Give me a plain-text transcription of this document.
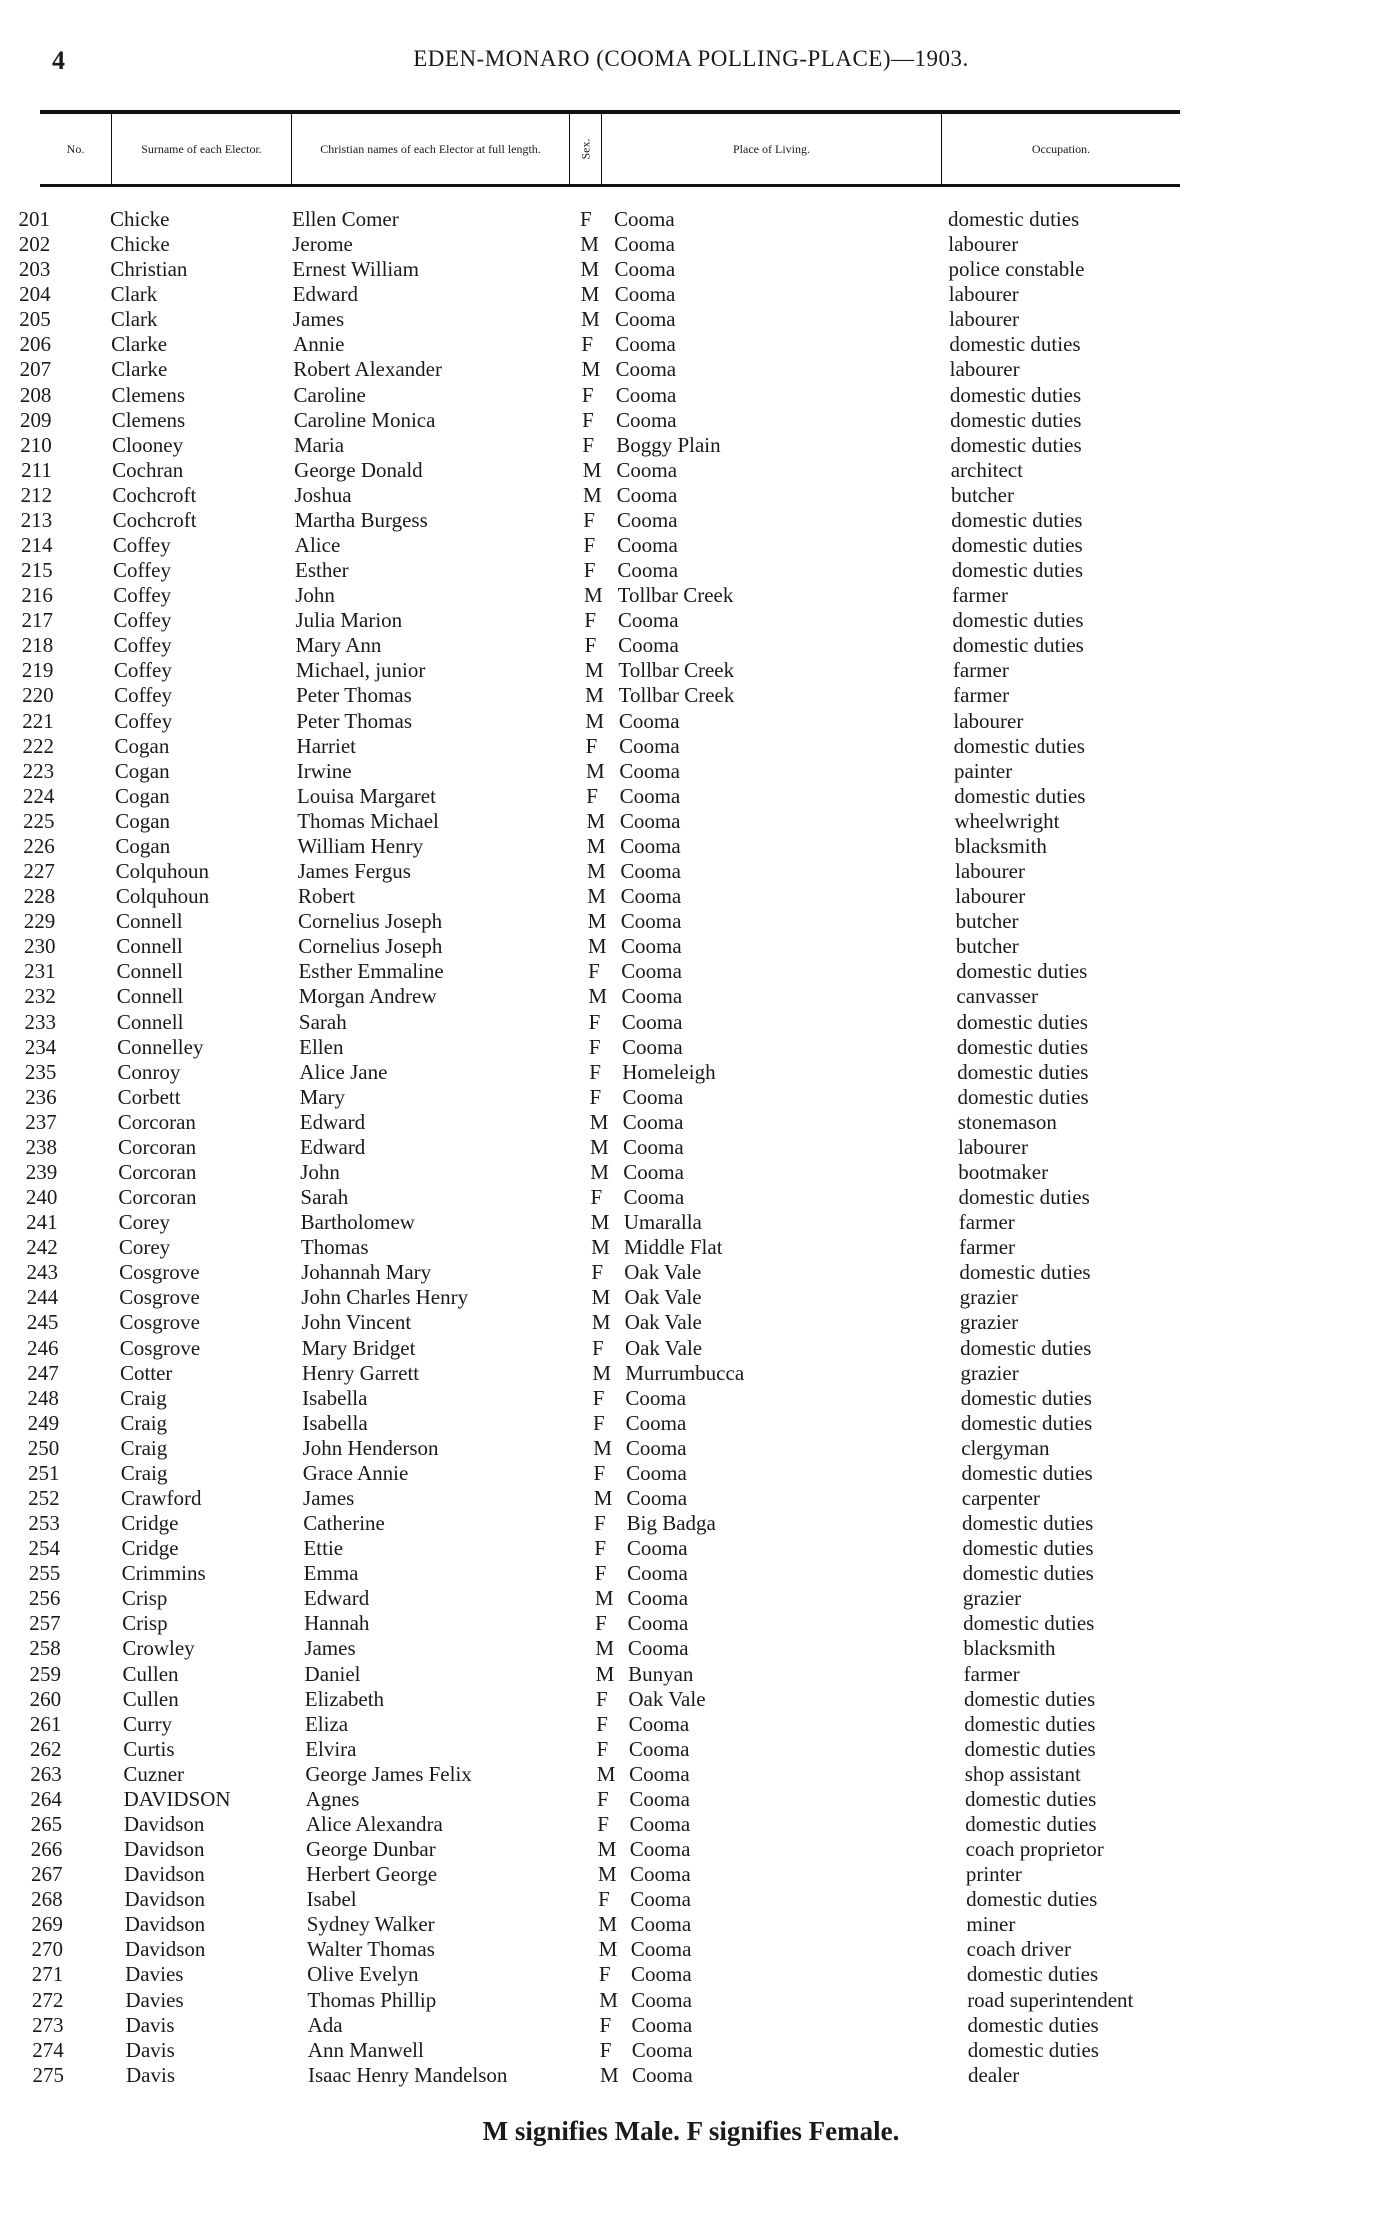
4	EDEN-MONARO (COOMA POLLING-PLACE)—1903.
No.	Surname of each Elector.	Christian names of each Elector at full length.	Sex.	Place of Living.	Occupation.
201	Chicke	Ellen Comer	F Cooma	domestic duties
202	Chicke	Jerome	M Cooma	labourer
203	Christian	Ernest William	M Cooma	police constable
204	Clark	Edward	M Cooma	labourer
205	Clark	James	M Cooma	labourer
206	Clarke	Annie	F Cooma	domestic duties
207	Clarke	Robert Alexander	M Cooma	labourer
208	Clemens	Caroline	F Cooma	domestic duties
209	Clemens	Caroline Monica	F Cooma	domestic duties
210	Clooney	Maria	F Boggy Plain	domestic duties
211	Cochran	George Donald	M Cooma	architect
212	Cochcroft	Joshua	M Cooma	butcher
213	Cochcroft	Martha Burgess	F Cooma	domestic duties
214	Coffey	Alice	F Cooma	domestic duties
215	Coffey	Esther	F Cooma	domestic duties
216	Coffey	John	M Tollbar Creek	farmer
217	Coffey	Julia Marion	F Cooma	domestic duties
218	Coffey	Mary Ann	F Cooma	domestic duties
219	Coffey	Michael, junior	M Tollbar Creek	farmer
220	Coffey	Peter Thomas	M Tollbar Creek	farmer
221	Coffey	Peter Thomas	M Cooma	labourer
222	Cogan	Harriet	F Cooma	domestic duties
223	Cogan	Irwine	M Cooma	painter
224	Cogan	Louisa Margaret	F Cooma	domestic duties
225	Cogan	Thomas Michael	M Cooma	wheelwright
226	Cogan	William Henry	M Cooma	blacksmith
227	Colquhoun	James Fergus	M Cooma	labourer
228	Colquhoun	Robert	M Cooma	labourer
229	Connell	Cornelius Joseph	M Cooma	butcher
230	Connell	Cornelius Joseph	M Cooma	butcher
231	Connell	Esther Emmaline	F Cooma	domestic duties
232	Connell	Morgan Andrew	M Cooma	canvasser
233	Connell	Sarah	F Cooma	domestic duties
234	Connelley	Ellen	F Cooma	domestic duties
235	Conroy	Alice Jane	F Homeleigh	domestic duties
236	Corbett	Mary	F Cooma	domestic duties
237	Corcoran	Edward	M Cooma	stonemason
238	Corcoran	Edward	M Cooma	labourer
239	Corcoran	John	M Cooma	bootmaker
240	Corcoran	Sarah	F Cooma	domestic duties
241	Corey	Bartholomew	M Umaralla	farmer
242	Corey	Thomas	M Middle Flat	farmer
243	Cosgrove	Johannah Mary	F Oak Vale	domestic duties
244	Cosgrove	John Charles Henry	M Oak Vale	grazier
245	Cosgrove	John Vincent	M Oak Vale	grazier
246	Cosgrove	Mary Bridget	F Oak Vale	domestic duties
247	Cotter	Henry Garrett	M Murrumbucca	grazier
248	Craig	Isabella	F Cooma	domestic duties
249	Craig	Isabella	F Cooma	domestic duties
250	Craig	John Henderson	M Cooma	clergyman
251	Craig	Grace Annie	F Cooma	domestic duties
252	Crawford	James	M Cooma	carpenter
253	Cridge	Catherine	F Big Badga	domestic duties
254	Cridge	Ettie	F Cooma	domestic duties
255	Crimmins	Emma	F Cooma	domestic duties
256	Crisp	Edward	M Cooma	grazier
257	Crisp	Hannah	F Cooma	domestic duties
258	Crowley	James	M Cooma	blacksmith
259	Cullen	Daniel	M Bunyan	farmer
260	Cullen	Elizabeth	F Oak Vale	domestic duties
261	Curry	Eliza	F Cooma	domestic duties
262	Curtis	Elvira	F Cooma	domestic duties
263	Cuzner	George James Felix	M Cooma	shop assistant
264	DAVIDSON	Agnes	F Cooma	domestic duties
265	Davidson	Alice Alexandra	F Cooma	domestic duties
266	Davidson	George Dunbar	M Cooma	coach proprietor
267	Davidson	Herbert George	M Cooma	printer
268	Davidson	Isabel	F Cooma	domestic duties
269	Davidson	Sydney Walker	M Cooma	miner
270	Davidson	Walter Thomas	M Cooma	coach driver
271	Davies	Olive Evelyn	F Cooma	domestic duties
272	Davies	Thomas Phillip	M Cooma	road superintendent
273	Davis	Ada	F Cooma	domestic duties
274	Davis	Ann Manwell	F Cooma	domestic duties
275	Davis	Isaac Henry Mandelson	M Cooma	dealer
M signifies Male. F signifies Female.
